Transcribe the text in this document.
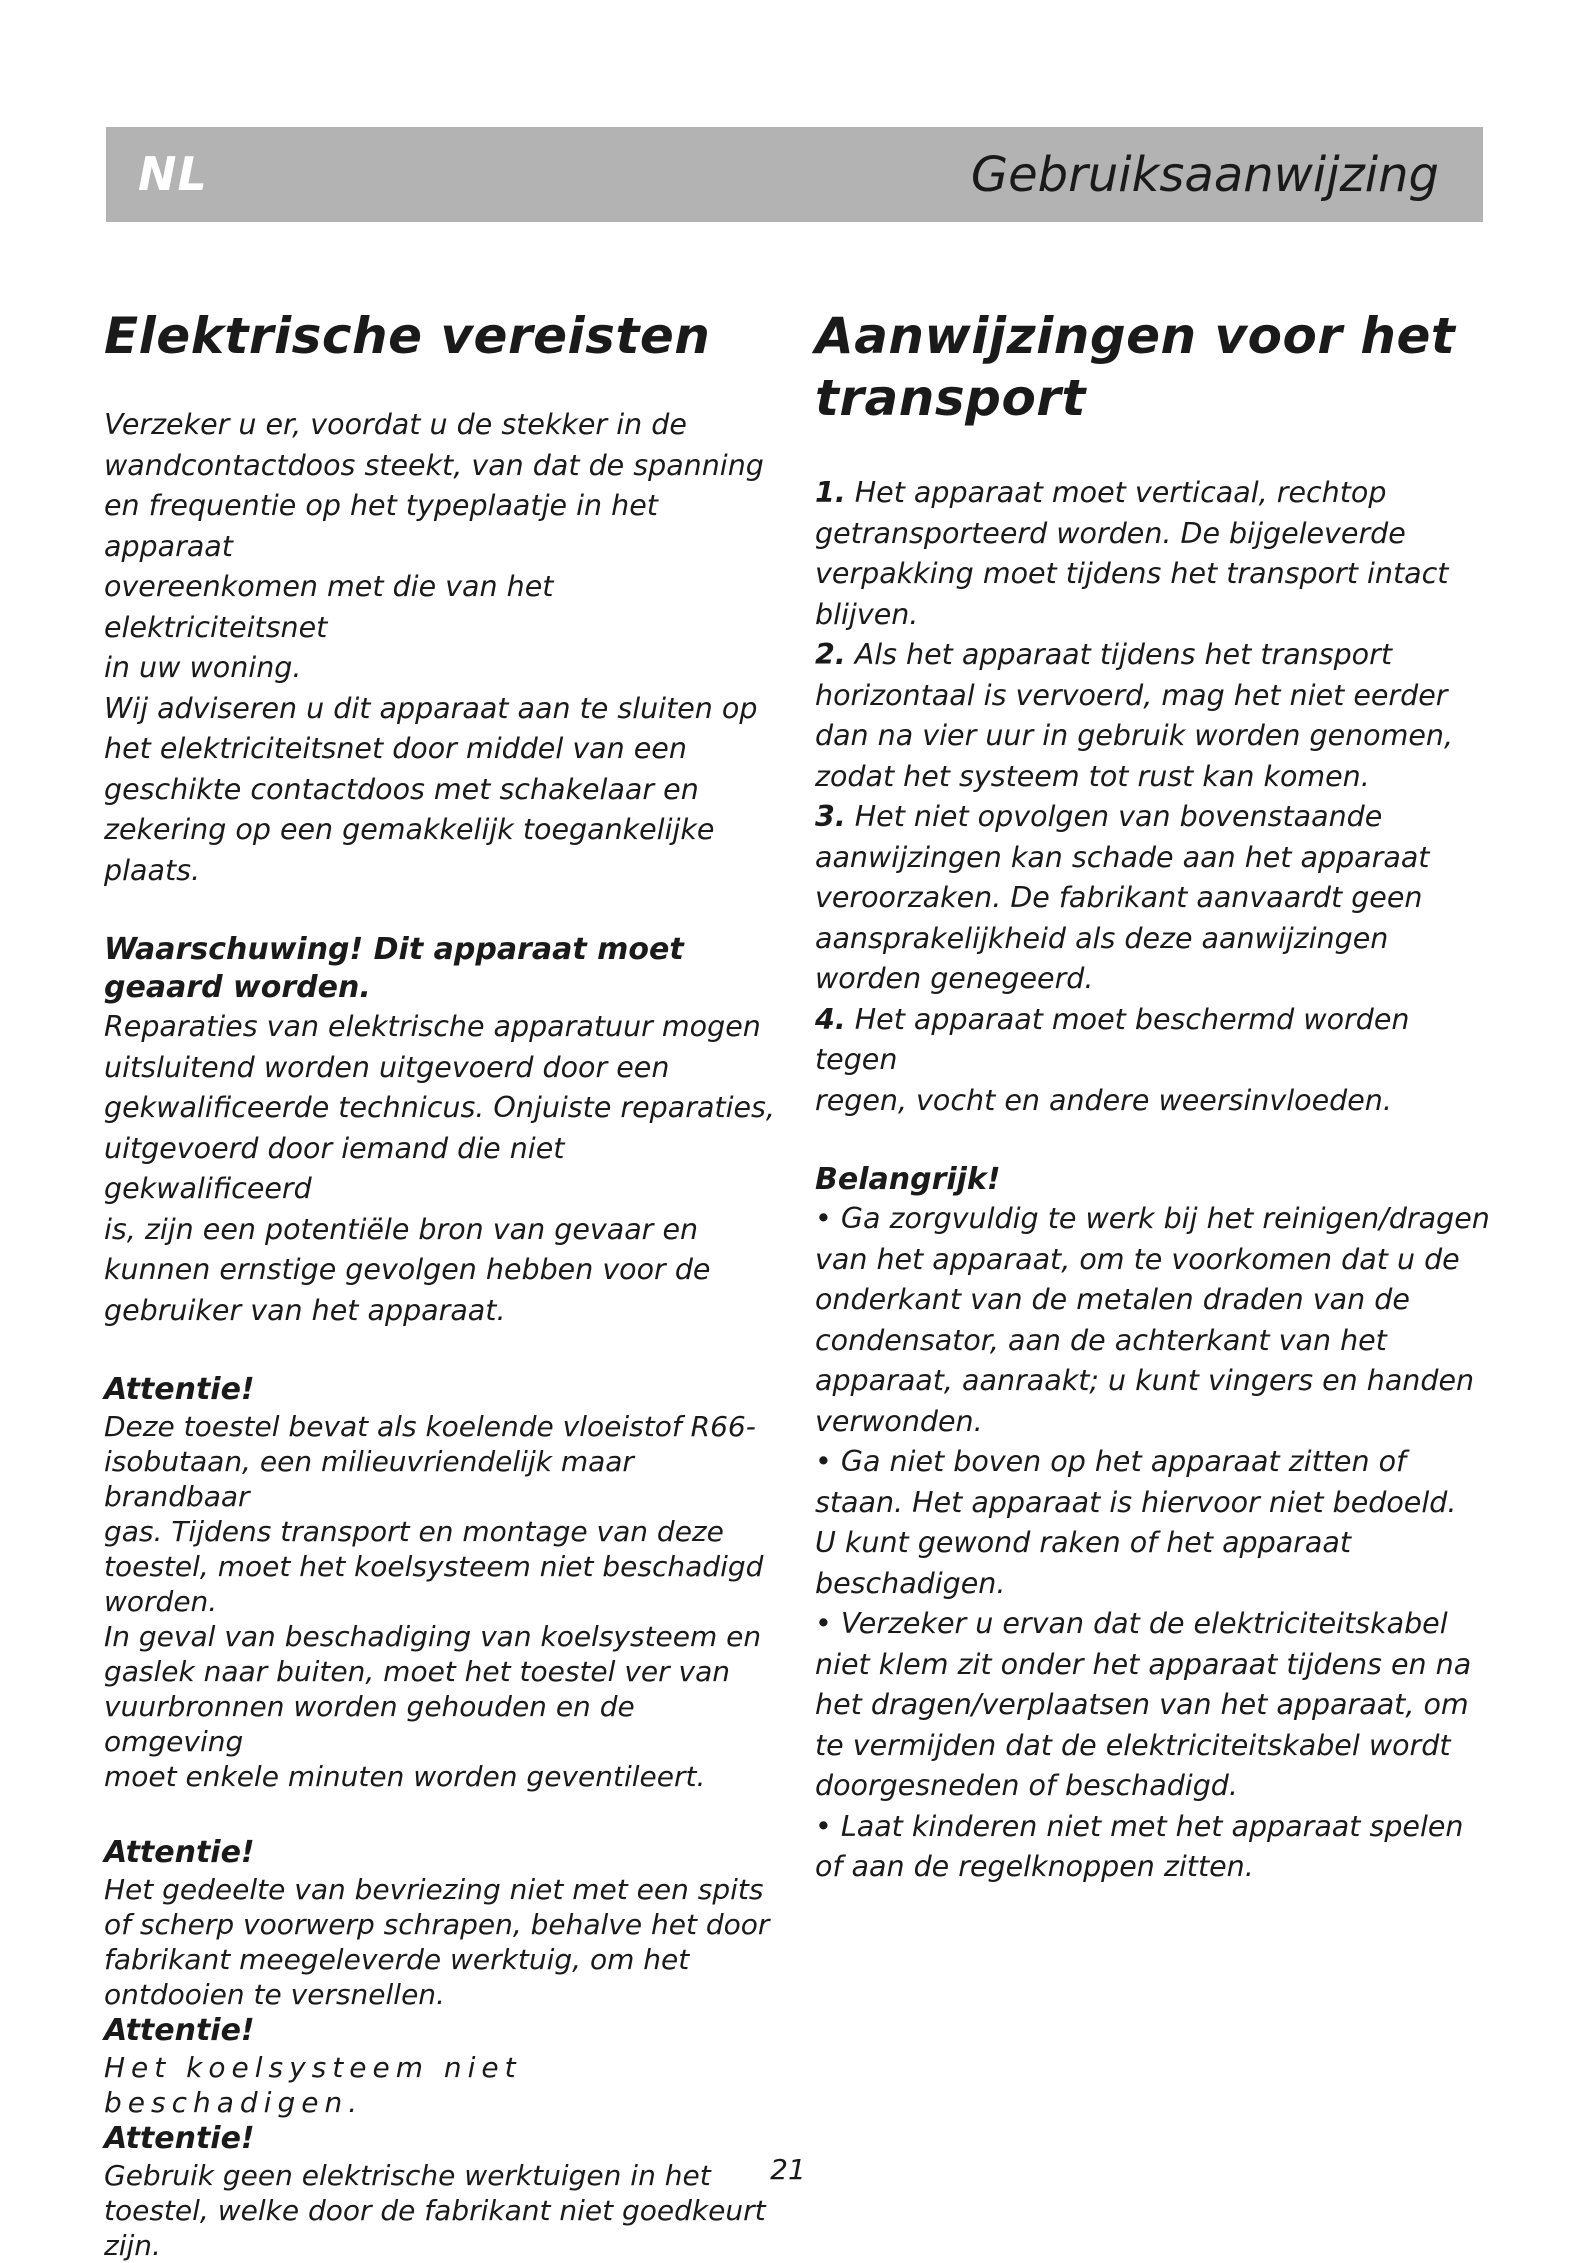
NL	Gebruiksaanwijzing
Elektrische vereisten

Verzeker u er, voordat u de stekker in de
wandcontactdoos steekt, van dat de spanning
en frequentie op het typeplaatje in het apparaat
overeenkomen met die van het elektriciteitsnet
in uw woning.
Wij adviseren u dit apparaat aan te sluiten op
het elektriciteitsnet door middel van een
geschikte contactdoos met schakelaar en
zekering op een gemakkelijk toegankelijke
plaats.

Waarschuwing! Dit apparaat moet
geaard worden.

Reparaties van elektrische apparatuur mogen
uitsluitend worden uitgevoerd door een
gekwalificeerde technicus. Onjuiste reparaties,
uitgevoerd door iemand die niet gekwalificeerd
is, zijn een potentiële bron van gevaar en
kunnen ernstige gevolgen hebben voor de
gebruiker van het apparaat.

Attentie!

Deze toestel bevat als koelende vloeistof R66-
isobutaan, een milieuvriendelijk maar brandbaar
gas. Tijdens transport en montage van deze
toestel, moet het koelsysteem niet beschadigd
worden.
In geval van beschadiging van koelsysteem en
gaslek naar buiten, moet het toestel ver van
vuurbronnen worden gehouden en de omgeving
moet enkele minuten worden geventileert.

Attentie!

Het gedeelte van bevriezing niet met een spits
of scherp voorwerp schrapen, behalve het door
fabrikant meegeleverde werktuig, om het
ontdooien te versnellen.

Attentie!

Het koelsysteem niet beschadigen.

Attentie!

Gebruik geen elektrische werktuigen in het
toestel, welke door de fabrikant niet goedkeurt
zijn.

Aanwijzingen voor het
transport

1. Het apparaat moet verticaal, rechtop
getransporteerd worden. De bijgeleverde
verpakking moet tijdens het transport intact
blijven.

2. Als het apparaat tijdens het transport
horizontaal is vervoerd, mag het niet eerder
dan na vier uur in gebruik worden genomen,
zodat het systeem tot rust kan komen.

3. Het niet opvolgen van bovenstaande
aanwijzingen kan schade aan het apparaat
veroorzaken. De fabrikant aanvaardt geen
aansprakelijkheid als deze aanwijzingen
worden genegeerd.

4. Het apparaat moet beschermd worden tegen
regen, vocht en andere weersinvloeden.

Belangrijk!

• Ga zorgvuldig te werk bij het reinigen/dragen
van het apparaat, om te voorkomen dat u de
onderkant van de metalen draden van de
condensator, aan de achterkant van het
apparaat, aanraakt; u kunt vingers en handen
verwonden.

• Ga niet boven op het apparaat zitten of
staan. Het apparaat is hiervoor niet bedoeld.
U kunt gewond raken of het apparaat
beschadigen.

• Verzeker u ervan dat de elektriciteitskabel
niet klem zit onder het apparaat tijdens en na
het dragen/verplaatsen van het apparaat, om
te vermijden dat de elektriciteitskabel wordt
doorgesneden of beschadigd.

• Laat kinderen niet met het apparaat spelen
of aan de regelknoppen zitten.

21
